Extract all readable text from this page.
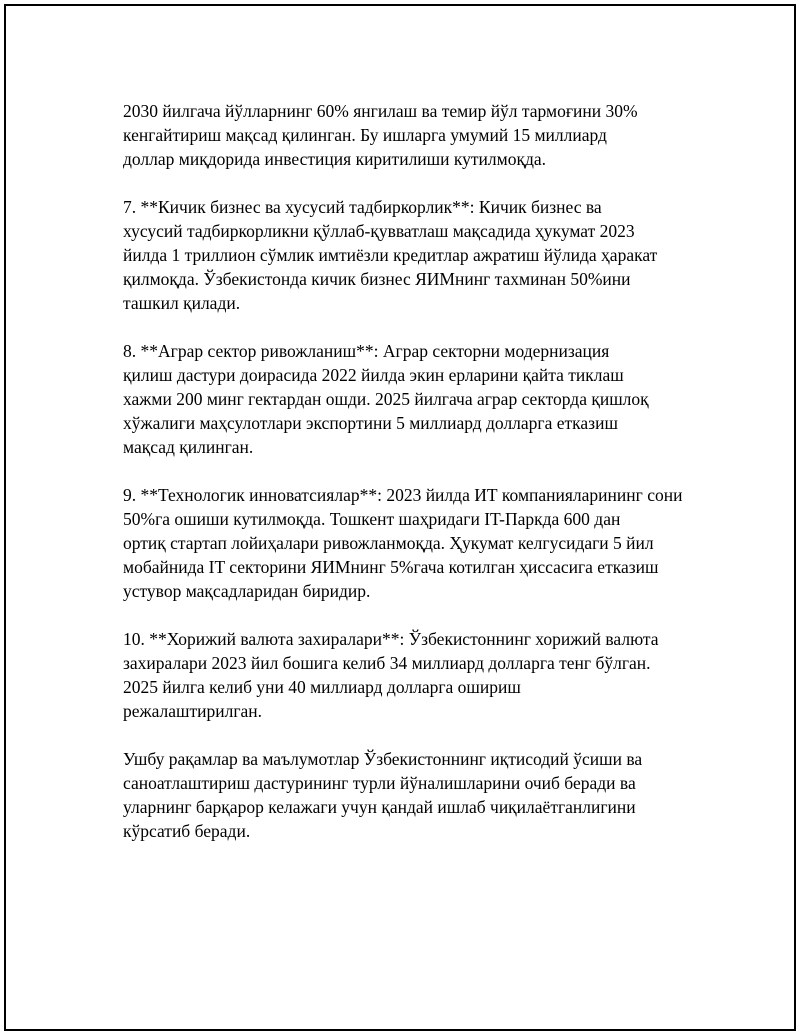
2030 йилгача йўлларнинг 60% янгилаш ва темир йўл тармоғини 30%
кенгайтириш мақсад қилинган. Бу ишларга умумий 15 миллиард
доллар миқдорида инвестиция киритилиши кутилмоқда.

7. **Кичик бизнес ва хусусий тадбиркорлик**: Кичик бизнес ва
хусусий тадбиркорликни қўллаб-қувватлаш мақсадида ҳукумат 2023
йилда 1 триллион сўмлик имтиёзли кредитлар ажратиш йўлида ҳаракат
қилмоқда. Ўзбекистонда кичик бизнес ЯИМнинг тахминан 50%ини
ташкил қилади.

8. **Аграр сектор ривожланиш**: Аграр секторни модернизация
қилиш дастури доирасида 2022 йилда экин ерларини қайта тиклаш
хажми 200 минг гектардан ошди. 2025 йилгача аграр секторда қишлоқ
хўжалиги маҳсулотлари экспортини 5 миллиард долларга етказиш
мақсад қилинган.

9. **Технологик инноватсиялар**: 2023 йилда ИТ компанияларининг сони
50%га ошиши кутилмоқда. Тошкент шаҳридаги IT-Паркда 600 дан
ортиқ стартап лойиҳалари ривожланмоқда. Ҳукумат келгусидаги 5 йил
мобайнида IT секторини ЯИМнинг 5%гача котилган ҳиссасига етказиш
устувор мақсадларидан биридир.

10. **Хорижий валюта захиралари**: Ўзбекистоннинг хорижий валюта
захиралари 2023 йил бошига келиб 34 миллиард долларга тенг бўлган.
2025 йилга келиб уни 40 миллиард долларга ошириш
режалаштирилган.

Ушбу рақамлар ва маълумотлар Ўзбекистоннинг иқтисодий ўсиши ва
саноатлаштириш дастурининг турли йўналишларини очиб беради ва
уларнинг барқарор келажаги учун қандай ишлаб чиқилаётганлигини
кўрсатиб беради.
